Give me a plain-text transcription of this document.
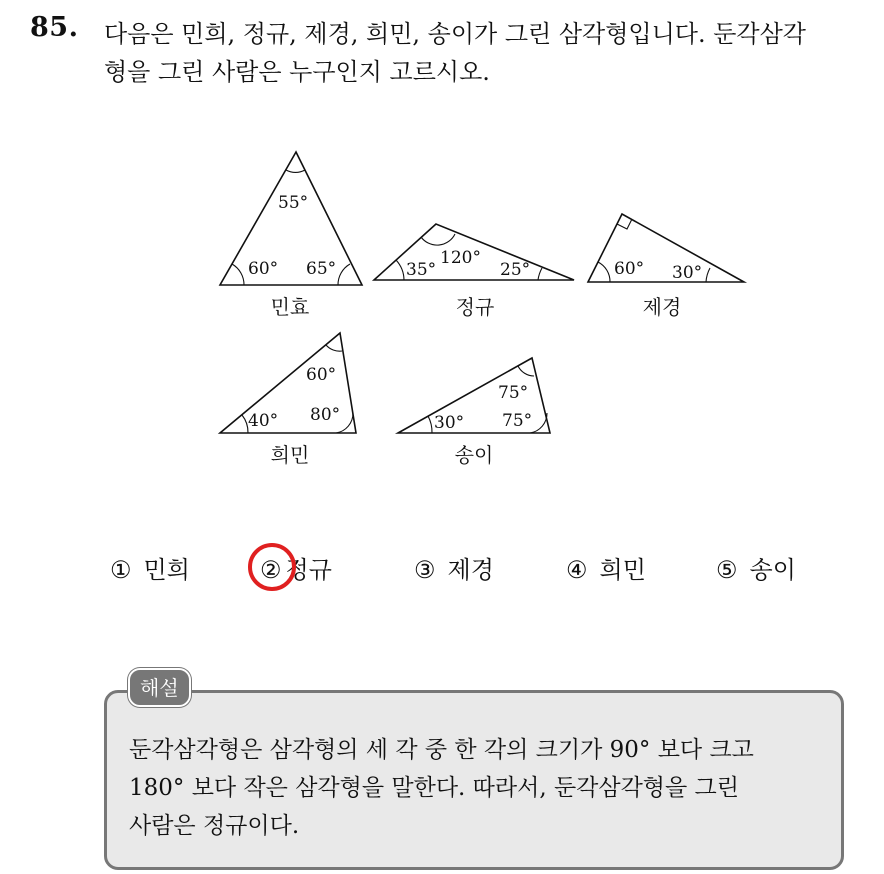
85. 다음은 민희, 정규, 제경, 희민, 송이가 그린 삼각형입니다. 둔각삼각
형을 그린 사람은 누구인지 고르시오.
55°
60° 65°
민효
120°
35°	25°
정규
60° 30°
제경
60°
40° 80°
희민
75°
30° 75°
송이
① 민희	② 정규	③ 제경	④ 희민	⑤ 송이
해설
둔각삼각형은 삼각형의 세 각 중 한 각의 크기가 90° 보다 크고
180° 보다 작은 삼각형을 말한다. 따라서, 둔각삼각형을 그린
사람은 정규이다.
